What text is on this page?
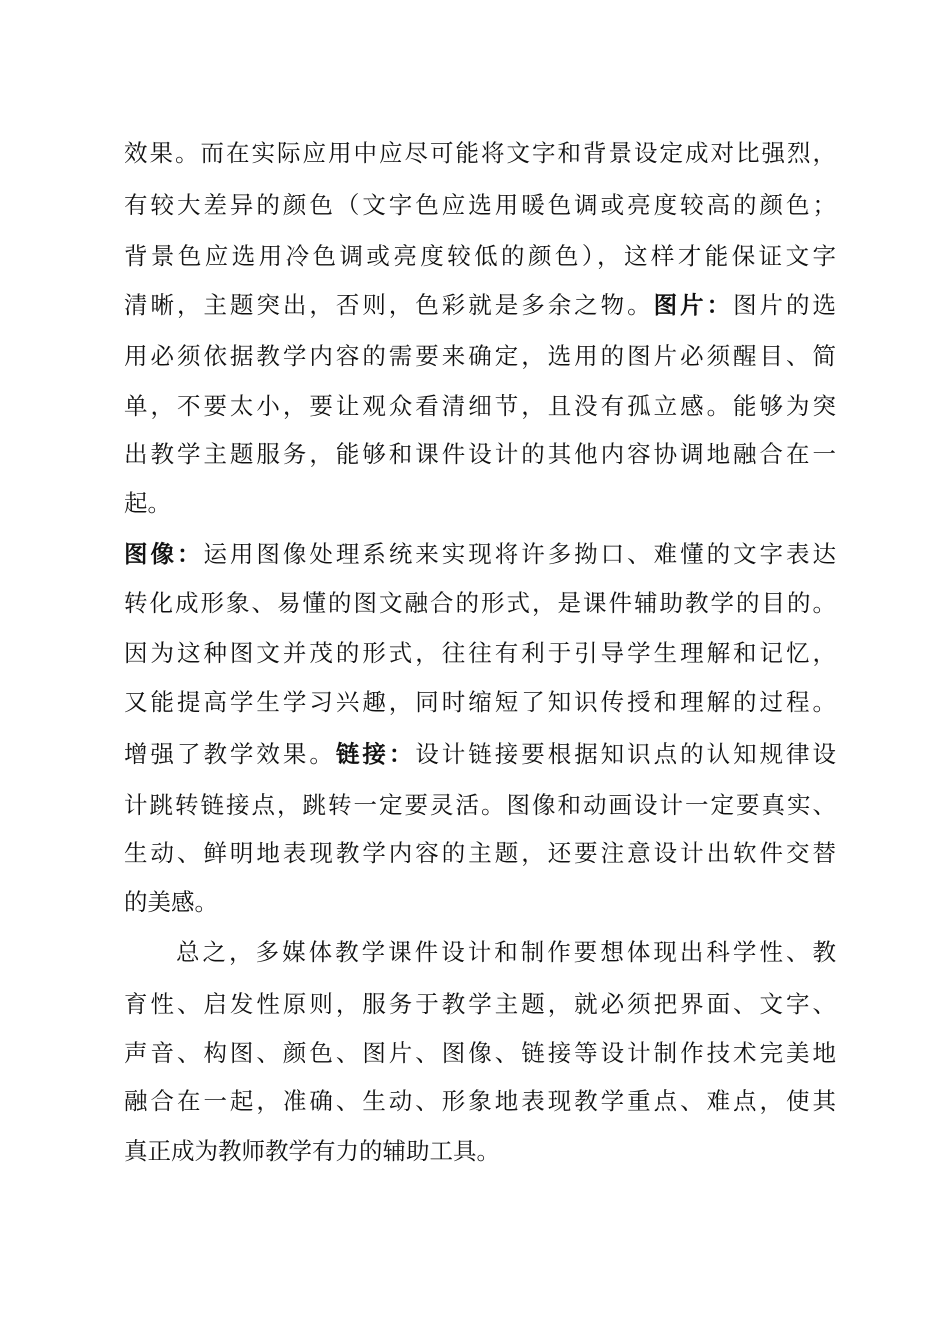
效果。而在实际应用中应尽可能将文字和背景设定成对比强烈，
有较大差异的颜色（文字色应选用暖色调或亮度较高的颜色；
背景色应选用冷色调或亮度较低的颜色），这样才能保证文字
清晰，主题突出，否则，色彩就是多余之物。图片：图片的选
用必须依据教学内容的需要来确定，选用的图片必须醒目、简
单，不要太小，要让观众看清细节，且没有孤立感。能够为突
出教学主题服务，能够和课件设计的其他内容协调地融合在一
起。
图像：运用图像处理系统来实现将许多拗口、难懂的文字表达
转化成形象、易懂的图文融合的形式，是课件辅助教学的目的。
因为这种图文并茂的形式，往往有利于引导学生理解和记忆，
又能提高学生学习兴趣，同时缩短了知识传授和理解的过程。
增强了教学效果。链接：设计链接要根据知识点的认知规律设
计跳转链接点，跳转一定要灵活。图像和动画设计一定要真实、
生动、鲜明地表现教学内容的主题，还要注意设计出软件交替
的美感。
总之，多媒体教学课件设计和制作要想体现出科学性、教
育性、启发性原则，服务于教学主题，就必须把界面、文字、
声音、构图、颜色、图片、图像、链接等设计制作技术完美地
融合在一起，准确、生动、形象地表现教学重点、难点，使其
真正成为教师教学有力的辅助工具。
